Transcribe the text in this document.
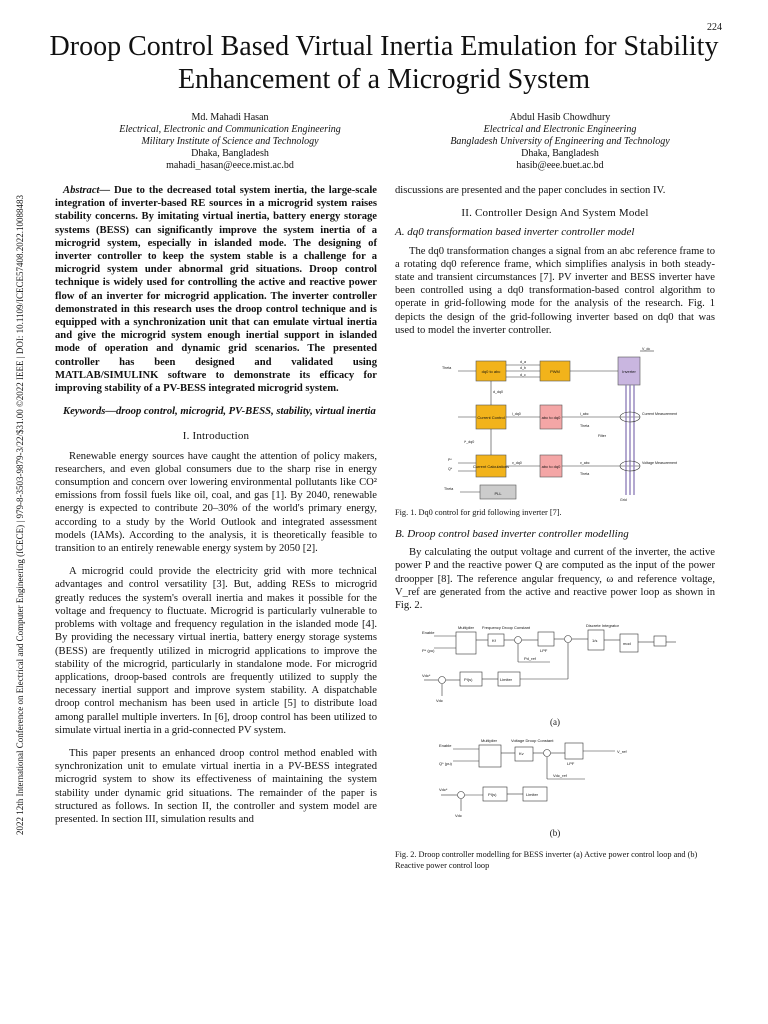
224
2022 12th International Conference on Electrical and Computer Engineering (ICECE) | 979-8-3503-9879-3/22/$31.00 ©2022 IEEE | DOI: 10.1109/ICECE57408.2022.10088483
Droop Control Based Virtual Inertia Emulation for Stability Enhancement of a Microgrid System
Md. Mahadi Hasan
Electrical, Electronic and Communication Engineering
Military Institute of Science and Technology
Dhaka, Bangladesh
mahadi_hasan@eece.mist.ac.bd
Abdul Hasib Chowdhury
Electrical and Electronic Engineering
Bangladesh University of Engineering and Technology
Dhaka, Bangladesh
hasib@eee.buet.ac.bd

Abstract— Due to the decreased total system inertia, the large-scale integration of inverter-based RE sources in a microgrid system raises stability concerns. By imitating virtual inertia, battery energy storage systems (BESS) can significantly improve the system inertia of a microgrid system, especially in islanded mode. The designing of inverter controller to keep the system stable is a challenge for a microgrid system under abnormal grid situations. Droop control technique is widely used for controlling the active and reactive power flow of an inverter for microgrid application. The inverter controller demonstrated in this research uses the droop control technique and is equipped with a synchronization unit that can emulate virtual inertia and give the microgrid system enough inertial support in islanded mode of operation and dynamic grid scenarios. The presented controller has been designed and validated using MATLAB/SIMULINK software to demonstrate its efficacy for improving stability of a PV-BESS integrated microgrid system.

Keywords—droop control, microgrid, PV-BESS, stability, virtual inertia

I. Introduction

Renewable energy sources have caught the attention of policy makers, researchers, and even global consumers due to the sharp rise in energy consumption and concern over lowering environmental pollutants like CO² emissions from fossil fuels like oil, coal, and gas [1]. By 2040, renewable energy is expected to contribute 20–30% of the world's primary energy, according to a study by the World Outlook and integrated assessment models (IAMs). According to the analysis, it is theoretically feasible to transition to an entirely renewable energy system by 2050 [2].

A microgrid could provide the electricity grid with more technical advantages and control versatility [3]. But, adding RESs to microgrid greatly reduces the system's overall inertia and makes it possible for the voltage and frequency to fluctuate. Microgrid is particularly vulnerable to problems with voltage and frequency regulation in the islanded mode [4]. By providing the necessary virtual inertia, battery energy storage systems (BESS) are frequently utilized in microgrid applications to improve the stability of the microgrid, particularly in standalone mode. For microgrid applications, droop-based controls are frequently utilized to supply the necessary inertial support and improve system stability. A dispatchable droop control mechanism has been used in article [5] to distribute load among parallel multiple inverters. In [6], droop control has been utilized to simulate virtual inertia in a grid-connected PV system.

This paper presents an enhanced droop control method enabled with synchronization unit to emulate virtual inertia in a PV-BESS integrated microgrid system to show its effectiveness of maintaining the system stability under dynamic grid situations. The remainder of the paper is structured as follows. In section II, the controller and system model are presented. In section III, simulation results and

discussions are presented and the paper concludes in section IV.

II. Controller Design And System Model
A. dq0 transformation based inverter controller model

The dq0 transformation changes a signal from an abc reference frame to a rotating dq0 reference frame, which simplifies analysis in both steady-state and transient circumstances [7]. PV inverter and BESS inverter have been controlled using a dq0 transformation-based control algorithm to operate in grid-following mode for the analysis of the research. Fig. 1 depicts the design of the grid-following inverter based on dq0 that was used to model the inverter controller.

dq0 to abc	PWM	Inverter
Current Control	abc to dq0
Current Calculations	abc to dq0
PLL
V_dc
Theta
d_a
d_b
d_c
d_dq0
i_dq0	i_abc	Current Measurement
Filter
i*_dq0
P*
Q*
v_dq0	v_abc	Voltage Measurement
Grid
Theta
Theta
Theta
Fig. 1. Dq0 control for grid following inverter [7].
B. Droop control based inverter controller modelling

By calculating the output voltage and current of the inverter, the active power P and the reactive power Q are computed as the input of the power droopper [8]. The reference angular frequency, ω and reference voltage, V_ref are generated from the active and reactive power loop as shown in Fig. 2.

Enable
P* (pu)
Multiplier Frequency Droop Constant
Kf	1/s
LPF
Discrete Integrator
mod
Pd_ref
Vdc*
Vdc
PI(s)	Limiter
(a)
Enable
Q* (pu)
Multiplier	Voltage Droop Constant
Kv
LPF
V_ref
Vdc_ref
Vdc*
Vdc
PI(s)	Limiter
(b)
Fig. 2. Droop controller modelling for BESS inverter (a) Active power control loop and (b) Reactive power control loop
